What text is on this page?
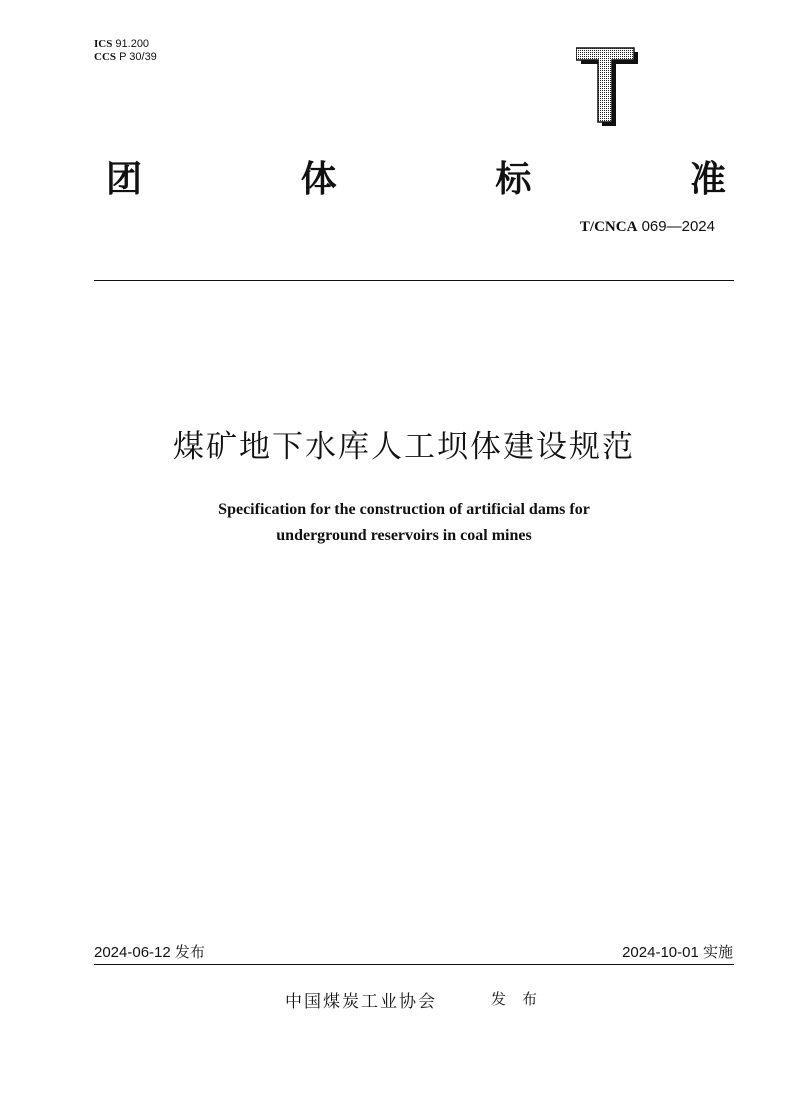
ICS 91.200
CCS P 30/39
团	体	标	准
T/CNCA 069—2024
煤矿地下水库人工坝体建设规范
Specification for the construction of artificial dams for
underground reservoirs in coal mines
2024-06-12 发布	2024-10-01 实施
中国煤炭工业协会	发布
